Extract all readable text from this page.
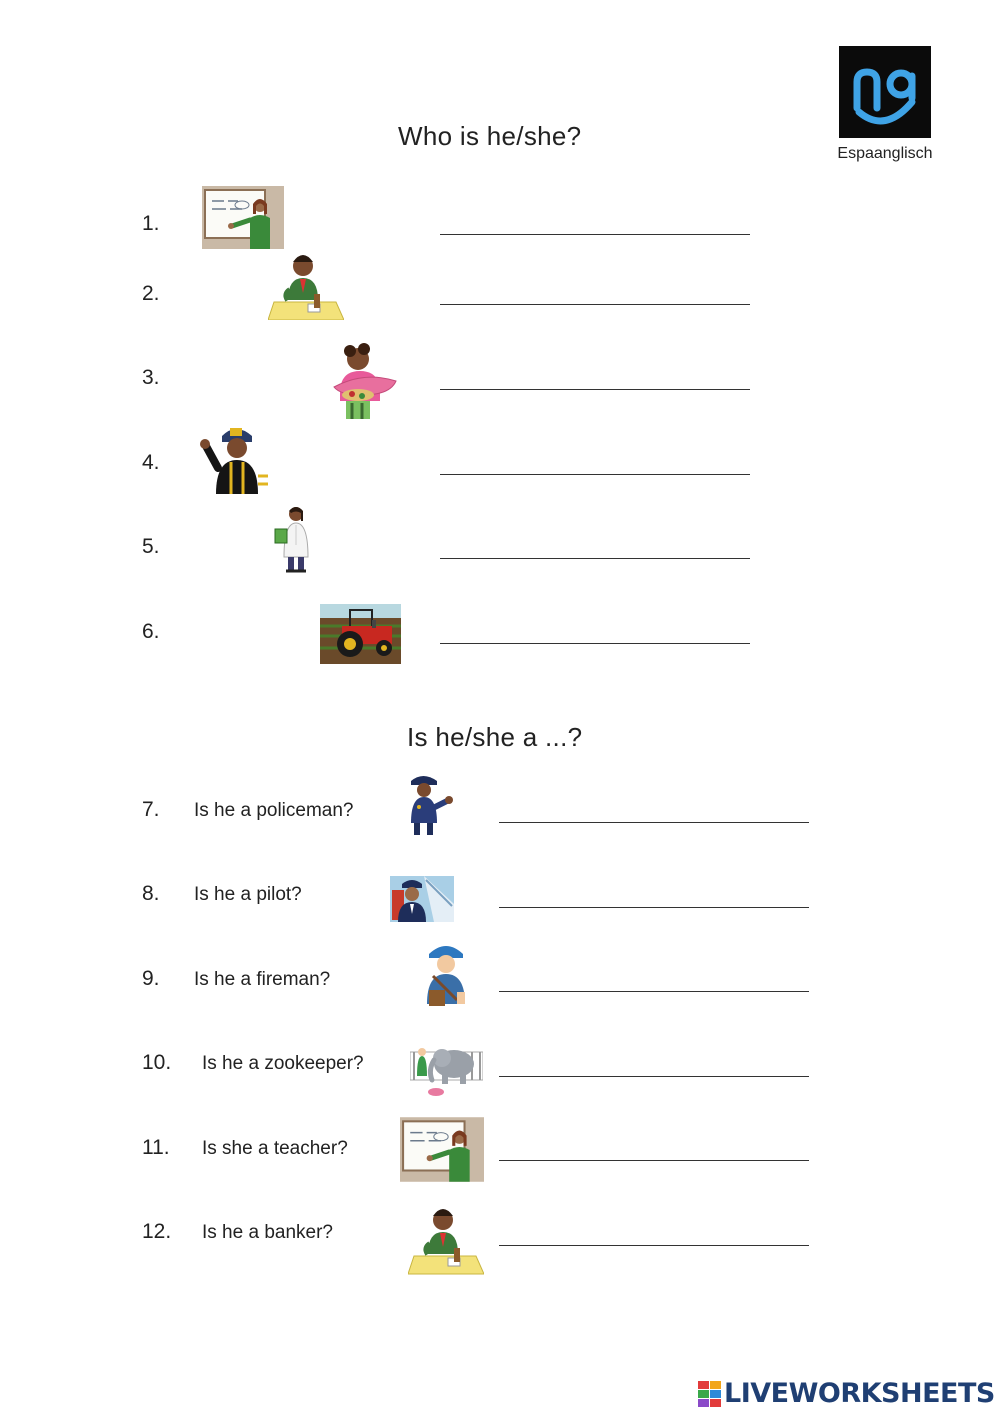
Espaanglisch
Who is he/she?
1.
2.
3.
4.
5.
6.
Is he/she a ...?
7. Is he a policeman?
8. Is he a pilot?
9. Is he a fireman?
10. Is he a zookeeper?
11. Is she a teacher?
12. Is he a banker?
LIVEWORKSHEETS
